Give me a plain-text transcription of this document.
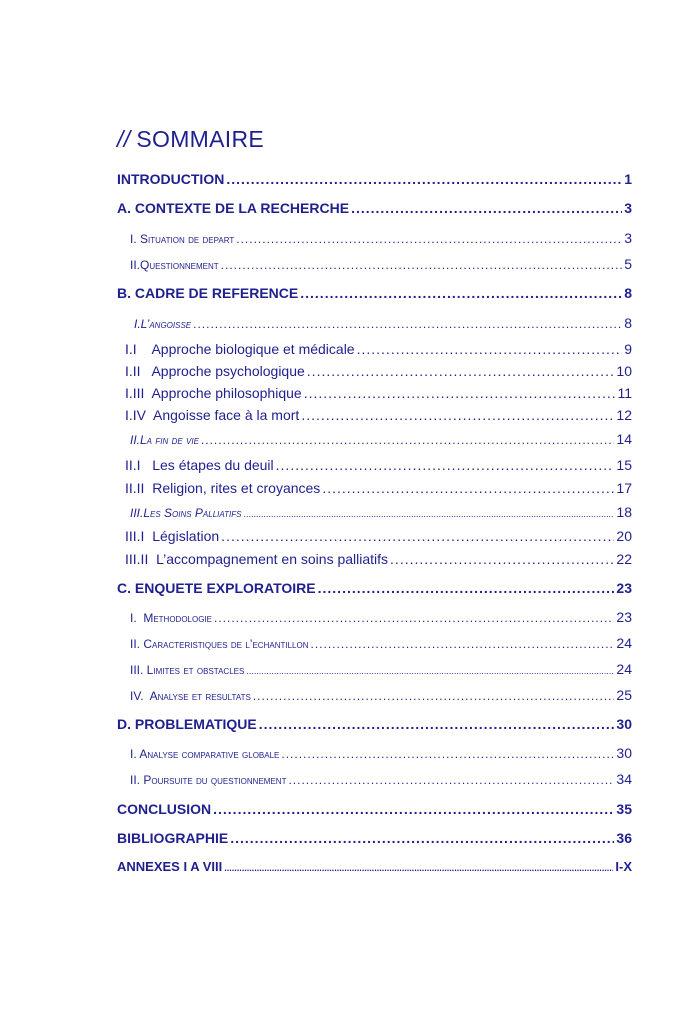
// SOMMAIRE
INTRODUCTION .....	1
A. CONTEXTE DE LA RECHERCHE .....	3
I. Situation de depart .....	3
II.Questionnement .....	5
B. CADRE DE REFERENCE .....	8
I.L’angoisse .....	8
I.I    Approche biologique et médicale .....	9
I.II   Approche psychologique .....	10
I.III  Approche philosophique .....	11
I.IV  Angoisse face à la mort .....	12
II.La fin de vie .....	14
II.I   Les étapes du deuil .....	15
II.II  Religion, rites et croyances .....	17
III.Les Soins Palliatifs .....	18
III.I  Législation .....	20
III.II  L’accompagnement en soins palliatifs .....	22
C. ENQUETE EXPLORATOIRE .....	23
I.  Methodologie .....	23
II. Caracteristiques de l’echantillon .....	24
III. Limites et obstacles .....	24
IV.  Analyse et resultats .....	25
D. PROBLEMATIQUE .....	30
I. Analyse comparative globale .....	30
II. Poursuite du questionnement .....	34
CONCLUSION .....	35
BIBLIOGRAPHIE .....	36
ANNEXES I A VIII .....	I-X
